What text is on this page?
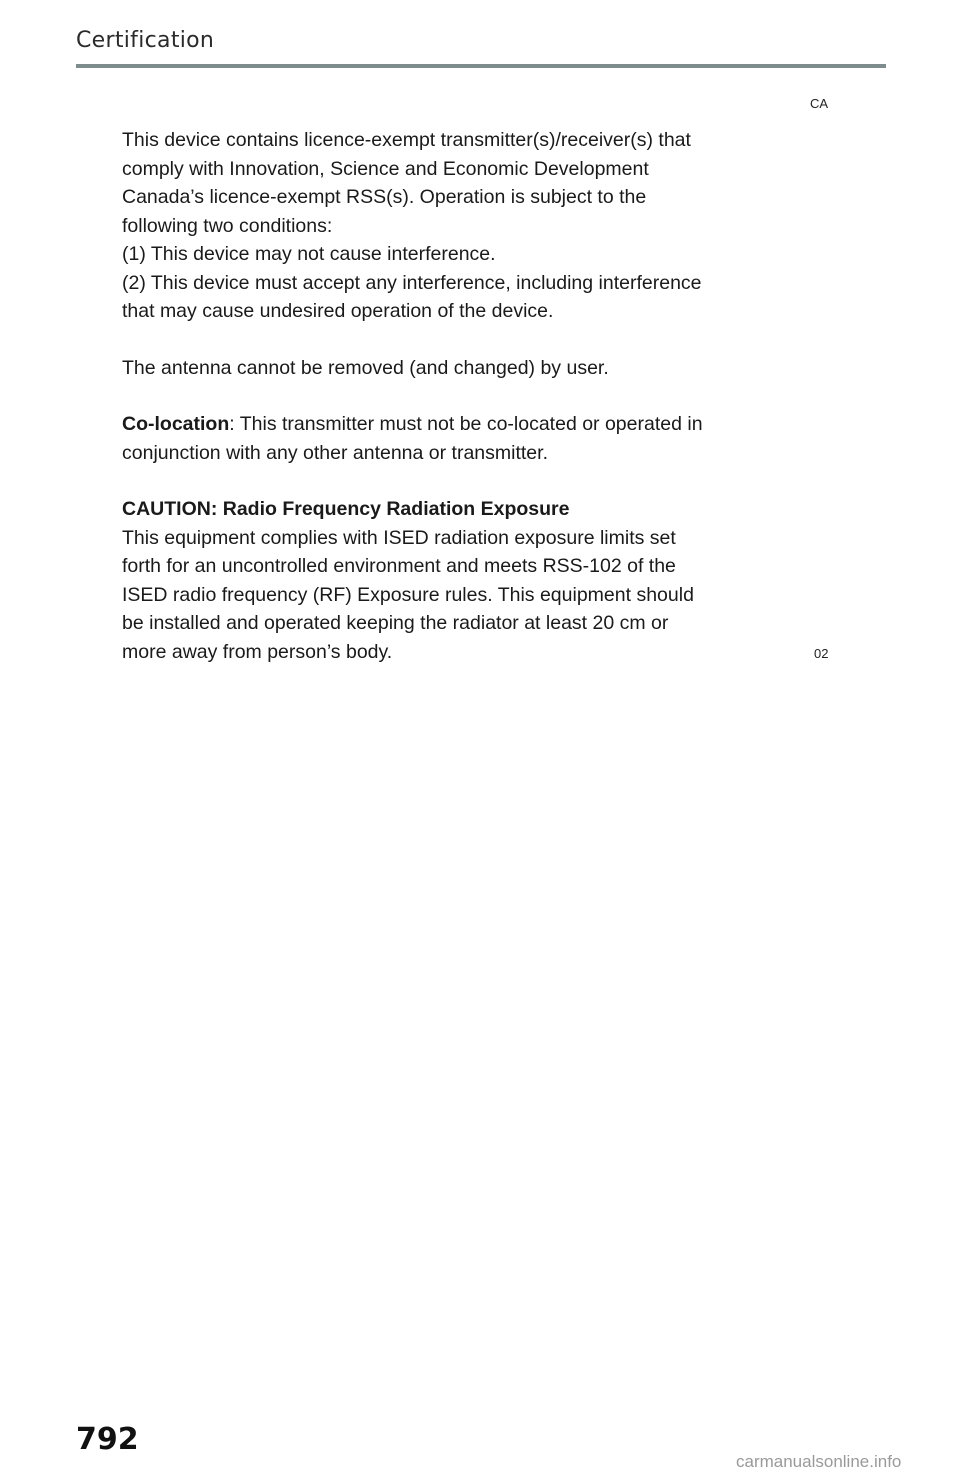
Certification
CA

This device contains licence-exempt transmitter(s)/receiver(s) that

comply with Innovation, Science and Economic Development

Canada’s licence-exempt RSS(s). Operation is subject to the

following two conditions:

(1) This device may not cause interference.

(2) This device must accept any interference, including interference

that may cause undesired operation of the device.

The antenna cannot be removed (and changed) by user.

Co-location: This transmitter must not be co-located or operated in

conjunction with any other antenna or transmitter.

CAUTION: Radio Frequency Radiation Exposure

This equipment complies with ISED radiation exposure limits set

forth for an uncontrolled environment and meets RSS-102 of the

ISED radio frequency (RF) Exposure rules. This equipment should

be installed and operated keeping the radiator at least 20 cm or

more away from person’s body.	02
792
carmanualsonline.info
